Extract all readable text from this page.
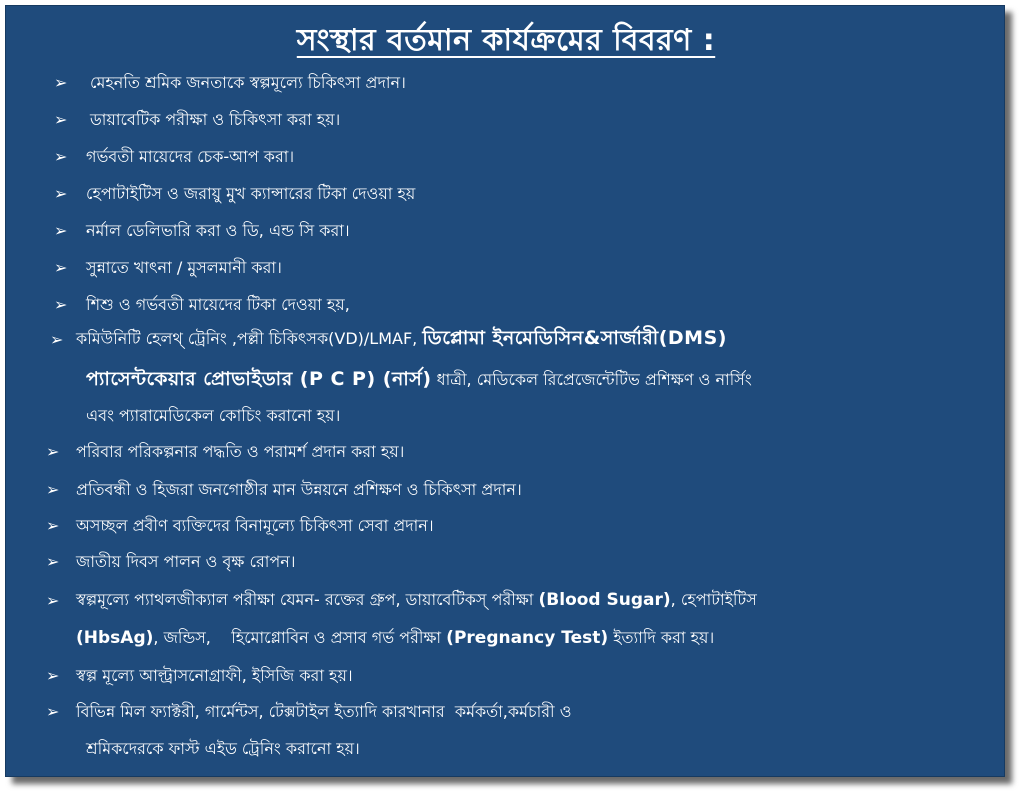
সংস্থার বর্তমান কার্যক্রমের বিবরণ :
➢ মেহনতি শ্রমিক জনতাকে স্বল্পমূল্যে চিকিৎসা প্রদান।
➢ ডায়াবেটিক পরীক্ষা ও চিকিৎসা করা হয়।
➢ গর্ভবতী মায়েদের চেক-আপ করা।
➢ হেপাটাইটিস ও জরায়ু মুখ ক্যান্সারের টিকা দেওয়া হয়
➢ নর্মাল ডেলিভারি করা ও ডি, এন্ড সি করা।
➢ সুন্নাতে খাৎনা / মুসলমানী করা।
➢ শিশু ও গর্ভবতী মায়েদের টিকা দেওয়া হয়,
➢ কমিউনিটি হেলথ্‌ ট্রেনিং ,পল্লী চিকিৎসক(VD)/LMAF, ডিপ্লোমা ইনমেডিসিন&সার্জারী(DMS)
প্যাসেন্টকেয়ার প্রোভাইডার (P C P) (নার্স) ধাত্রী, মেডিকেল রিপ্রেজেন্টেটিভ প্রশিক্ষণ ও নার্সিং
এবং প্যারামেডিকেল কোচিং করানো হয়।
➢ পরিবার পরিকল্পনার পদ্ধতি ও পরামর্শ প্রদান করা হয়।
➢ প্রতিবন্ধী ও হিজরা জনগোষ্ঠীর মান উন্নয়নে প্রশিক্ষণ ও চিকিৎসা প্রদান।
➢ অসচ্ছল প্রবীণ ব্যক্তিদের বিনামূল্যে চিকিৎসা সেবা প্রদান।
➢ জাতীয় দিবস পালন ও বৃক্ষ রোপন।
➢ স্বল্পমূল্যে প্যাথলজীক্যাল পরীক্ষা যেমন- রক্তের গ্রুপ, ডায়াবেটিকস্‌ পরীক্ষা (Blood Sugar), হেপাটাইটিস
(HbsAg), জন্ডিস,    হিমোগ্লোবিন ও প্রসাব গর্ভ পরীক্ষা (Pregnancy Test) ইত্যাদি করা হয়।
➢ স্বল্প মূল্যে আল্ট্রাসনোগ্রাফী, ইসিজি করা হয়।
➢ বিভিন্ন মিল ফ্যাক্টরী, গার্মেন্টস, টেক্সটাইল ইত্যাদি কারখানার  কর্মকর্তা,কর্মচারী ও
শ্রমিকদেরকে ফাস্ট এইড ট্রেনিং করানো হয়।
